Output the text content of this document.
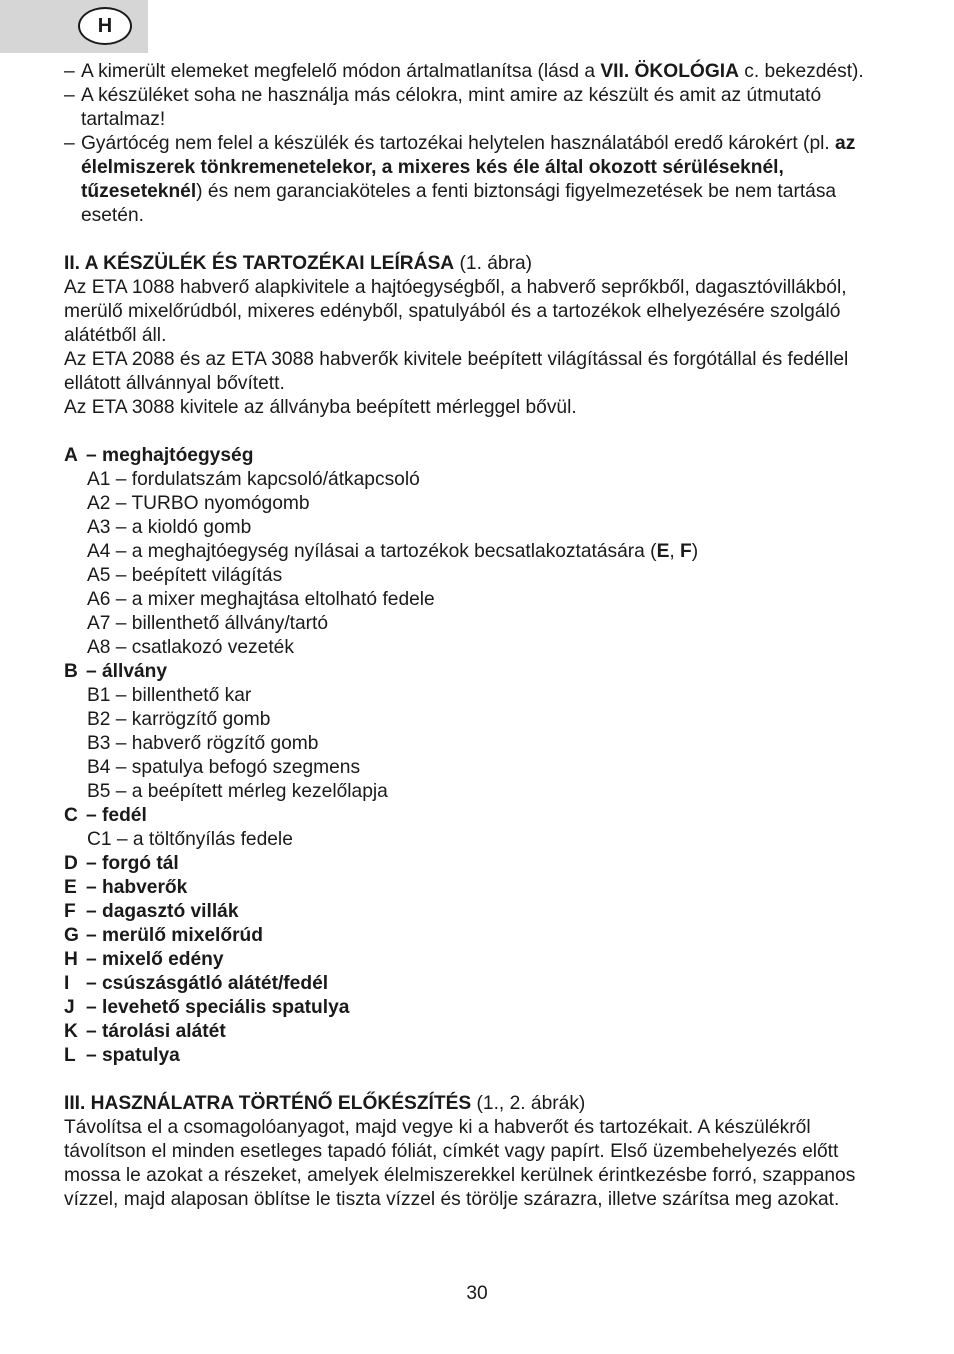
H
– A kimerült elemeket megfelelő módon ártalmatlanítsa (lásd a VII. ÖKOLÓGIA c. bekezdést).
– A készüléket soha ne használja más célokra, mint amire az készült és amit az útmutató tartalmaz!
– Gyártócég nem felel a készülék és tartozékai helytelen használatából eredő károkért (pl. az élelmiszerek tönkremenetelekor, a mixeres kés éle által okozott sérüléseknél, tűzeseteknél) és nem garanciaköteles a fenti biztonsági figyelmezetések be nem tartása esetén.
II. A KÉSZÜLÉK ÉS TARTOZÉKAI LEÍRÁSA (1. ábra)
Az ETA 1088 habverő alapkivitele a hajtóegységből, a habverő seprőkből, dagasztóvillákból, merülő mixelőrúdból, mixeres edényből, spatulyából és a tartozékok elhelyezésére szolgáló alátétből áll.
Az ETA 2088 és az ETA 3088 habverők kivitele beépített világítással és forgótállal és fedéllel ellátott állvánnyal bővített.
Az ETA 3088 kivitele az állványba beépített mérleggel bővül.
A – meghajtóegység
A1 – fordulatszám kapcsoló/átkapcsoló
A2 – TURBO nyomógomb
A3 – a kioldó gomb
A4 – a meghajtóegység nyílásai a tartozékok becsatlakoztatására (E, F)
A5 – beépített világítás
A6 – a mixer meghajtása eltolható fedele
A7 – billenthető állvány/tartó
A8 – csatlakozó vezeték
B – állvány
B1 – billenthető kar
B2 – karrögzítő gomb
B3 – habverő rögzítő gomb
B4 – spatulya befogó szegmens
B5 – a beépített mérleg kezelőlapja
C – fedél
C1 – a töltőnyílás fedele
D – forgó tál
E – habverők
F – dagasztó villák
G – merülő mixelőrúd
H – mixelő edény
I – csúszásgátló alátét/fedél
J – levehető speciális spatulya
K – tárolási alátét
L – spatulya
III. HASZNÁLATRA TÖRTÉNŐ ELŐKÉSZÍTÉS (1., 2. ábrák)
Távolítsa el a csomagolóanyagot, majd vegye ki a habverőt és tartozékait. A készülékről távolítson el minden esetleges tapadó fóliát, címkét vagy papírt. Első üzembehelyezés előtt mossa le azokat a részeket, amelyek élelmiszerekkel kerülnek érintkezésbe forró, szappanos vízzel, majd alaposan öblítse le tiszta vízzel és törölje szárazra, illetve szárítsa meg azokat.
30
